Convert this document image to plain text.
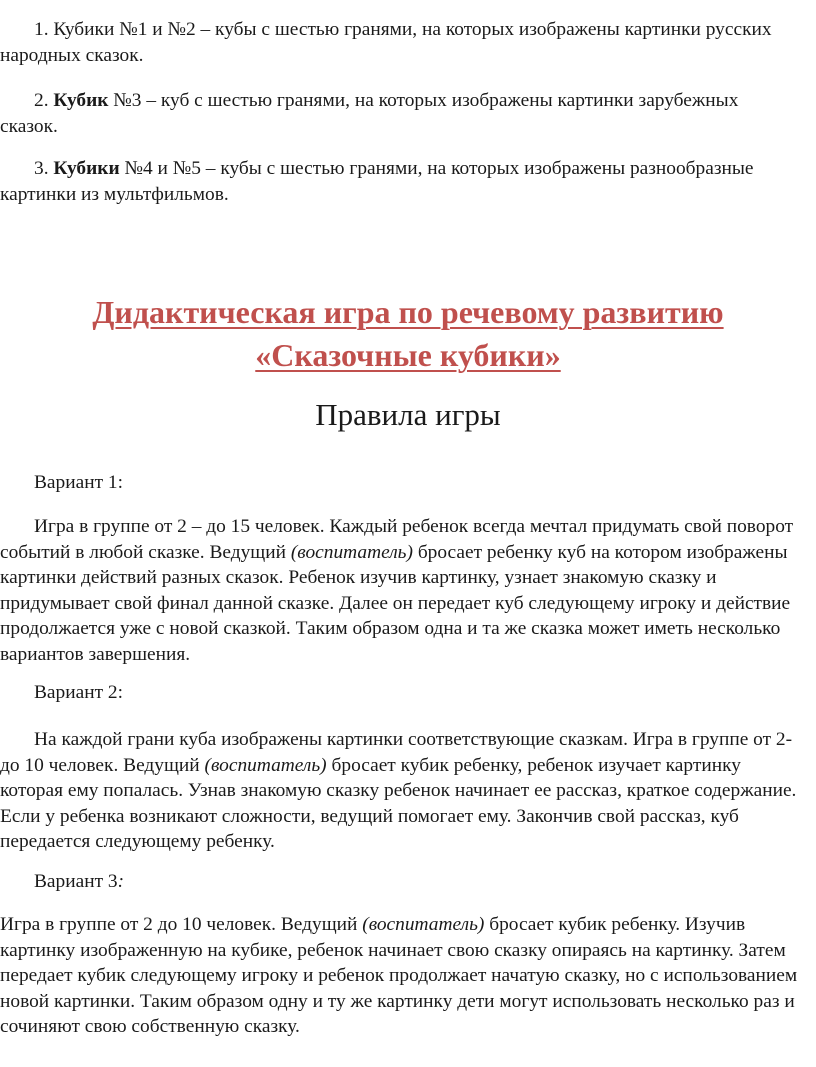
1. Кубики №1 и №2 – кубы с шестью гранями, на которых изображены картинки русских народных сказок.

2. Кубик №3 – куб с шестью гранями, на которых изображены картинки зарубежных сказок.

3. Кубики №4 и №5 – кубы с шестью гранями, на которых изображены разнообразные картинки из мультфильмов.

Дидактическая игра по речевому развитию

«Сказочные кубики»

Правила игры

Вариант 1:

Игра в группе от 2 – до 15 человек. Каждый ребенок всегда мечтал придумать свой поворот событий в любой сказке. Ведущий (воспитатель) бросает ребенку куб на котором изображены картинки действий разных сказок. Ребенок изучив картинку, узнает знакомую сказку и придумывает свой финал данной сказке. Далее он передает куб следующему игроку и действие продолжается уже с новой сказкой. Таким образом одна и та же сказка может иметь несколько вариантов завершения.

Вариант 2:

На каждой грани куба изображены картинки соответствующие сказкам. Игра в группе от 2- до 10 человек. Ведущий (воспитатель) бросает кубик ребенку, ребенок изучает картинку которая ему попалась. Узнав знакомую сказку ребенок начинает ее рассказ, краткое содержание. Если у ребенка возникают сложности, ведущий помогает ему. Закончив свой рассказ, куб передается следующему ребенку.

Вариант 3:

Игра в группе от 2 до 10 человек. Ведущий (воспитатель) бросает кубик ребенку. Изучив картинку изображенную на кубике, ребенок начинает свою сказку опираясь на картинку. Затем передает кубик следующему игроку и ребенок продолжает начатую сказку, но с использованием новой картинки. Таким образом одну и ту же картинку дети могут использовать несколько раз и сочиняют свою собственную сказку.
